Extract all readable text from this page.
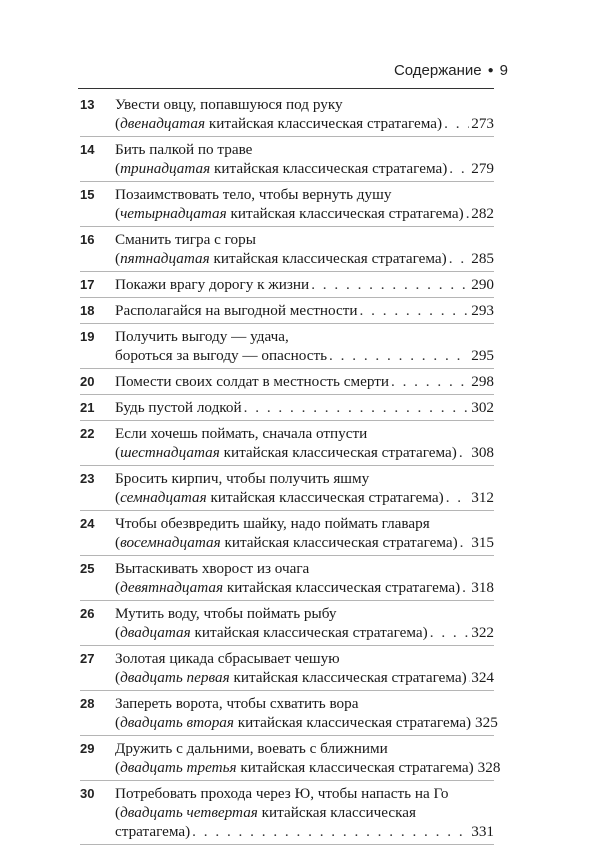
Содержание ● 9
13	Увести овцу, попавшуюся под руку
(двенадцатая китайская классическая стратагема) . . . 273
14	Бить палкой по траве
(тринадцатая китайская классическая стратагема) . . . 279
15	Позаимствовать тело, чтобы вернуть душу
(четырнадцатая китайская классическая стратагема) . . . 282
16	Сманить тигра с горы
(пятнадцатая китайская классическая стратагема) . . . 285
17	Покажи врагу дорогу к жизни . . .	290
18	Располагайся на выгодной местности . . .	293
19	Получить выгоду — удача,
бороться за выгоду — опасность . . .	295
20	Помести своих солдат в местность смерти . . .	298
21	Будь пустой лодкой . . .	302
22	Если хочешь поймать, сначала отпусти
(шестнадцатая китайская классическая стратагема) . . . 308
23	Бросить кирпич, чтобы получить яшму
(семнадцатая китайская классическая стратагема) . . . 312
24	Чтобы обезвредить шайку, надо поймать главаря
(восемнадцатая китайская классическая стратагема) . . . 315
25	Вытаскивать хворост из очага
(девятнадцатая китайская классическая стратагема) . . . 318
26	Мутить воду, чтобы поймать рыбу
(двадцатая китайская классическая стратагема) . . .	322
27	Золотая цикада сбрасывает чешую
(двадцать первая китайская классическая стратагема) . . . 324
28	Запереть ворота, чтобы схватить вора
(двадцать вторая китайская классическая стратагема) 325
29	Дружить с дальними, воевать с ближними
(двадцать третья китайская классическая стратагема) 328
30	Потребовать прохода через Ю, чтобы напасть на Го
(двадцать четвертая китайская классическая
стратагема) . . .	331
